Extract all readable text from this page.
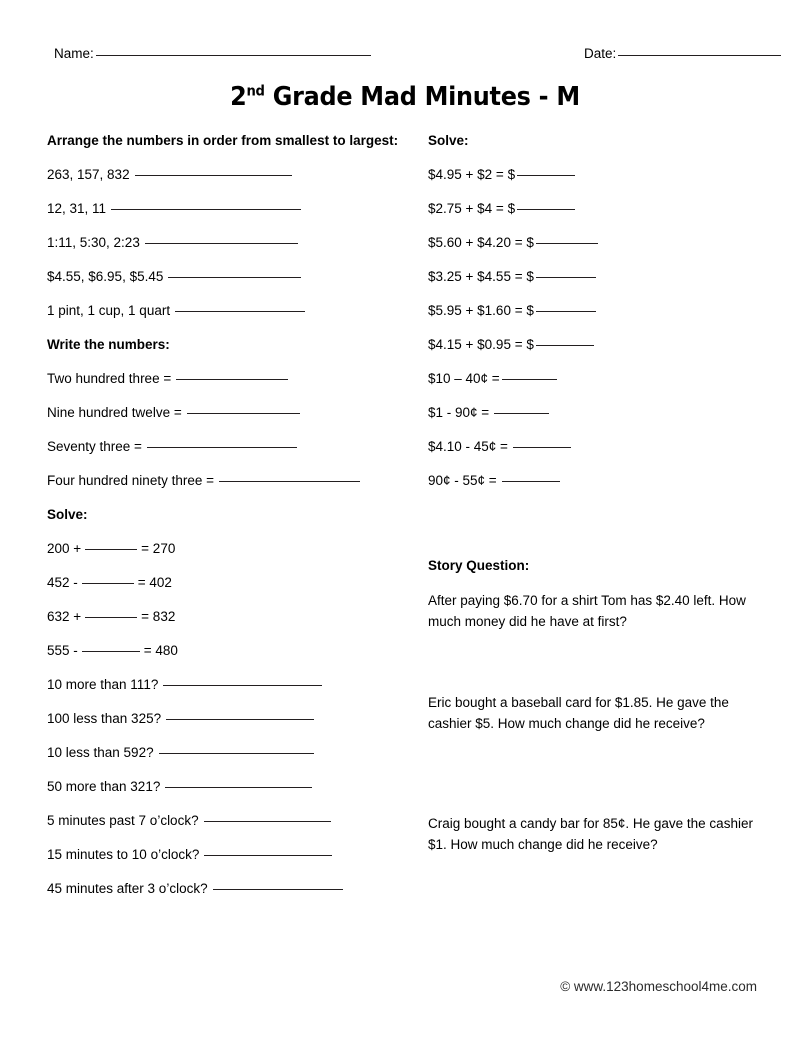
Name:	Date:
2nd Grade Mad Minutes - M
Arrange the numbers in order from smallest to largest:
263, 157, 832
12, 31, 11
1:11, 5:30, 2:23
$4.55, $6.95, $5.45
1 pint, 1 cup, 1 quart
Write the numbers:
Two hundred three =
Nine hundred twelve =
Seventy three =
Four hundred ninety three =
Solve:
200 +	= 270
452 -	= 402
632 +	= 832
555 -	= 480
10 more than 111?
100 less than 325?
10 less than 592?
50 more than 321?
5 minutes past 7 o’clock?
15 minutes to 10 o’clock?
45 minutes after 3 o’clock?
Solve:
$4.95 + $2 = $
$2.75 + $4 = $
$5.60 + $4.20 = $
$3.25 + $4.55 = $
$5.95 + $1.60 = $
$4.15 + $0.95 = $
$10 – 40¢ =
$1 - 90¢ =
$4.10 - 45¢ =
90¢ - 55¢ =
Story Question:
After paying $6.70 for a shirt Tom has $2.40 left. How much money did he have at first?
Eric bought a baseball card for $1.85. He gave the cashier $5. How much change did he receive?
Craig bought a candy bar for 85¢. He gave the cashier $1. How much change did he receive?
© www.123homeschool4me.com
